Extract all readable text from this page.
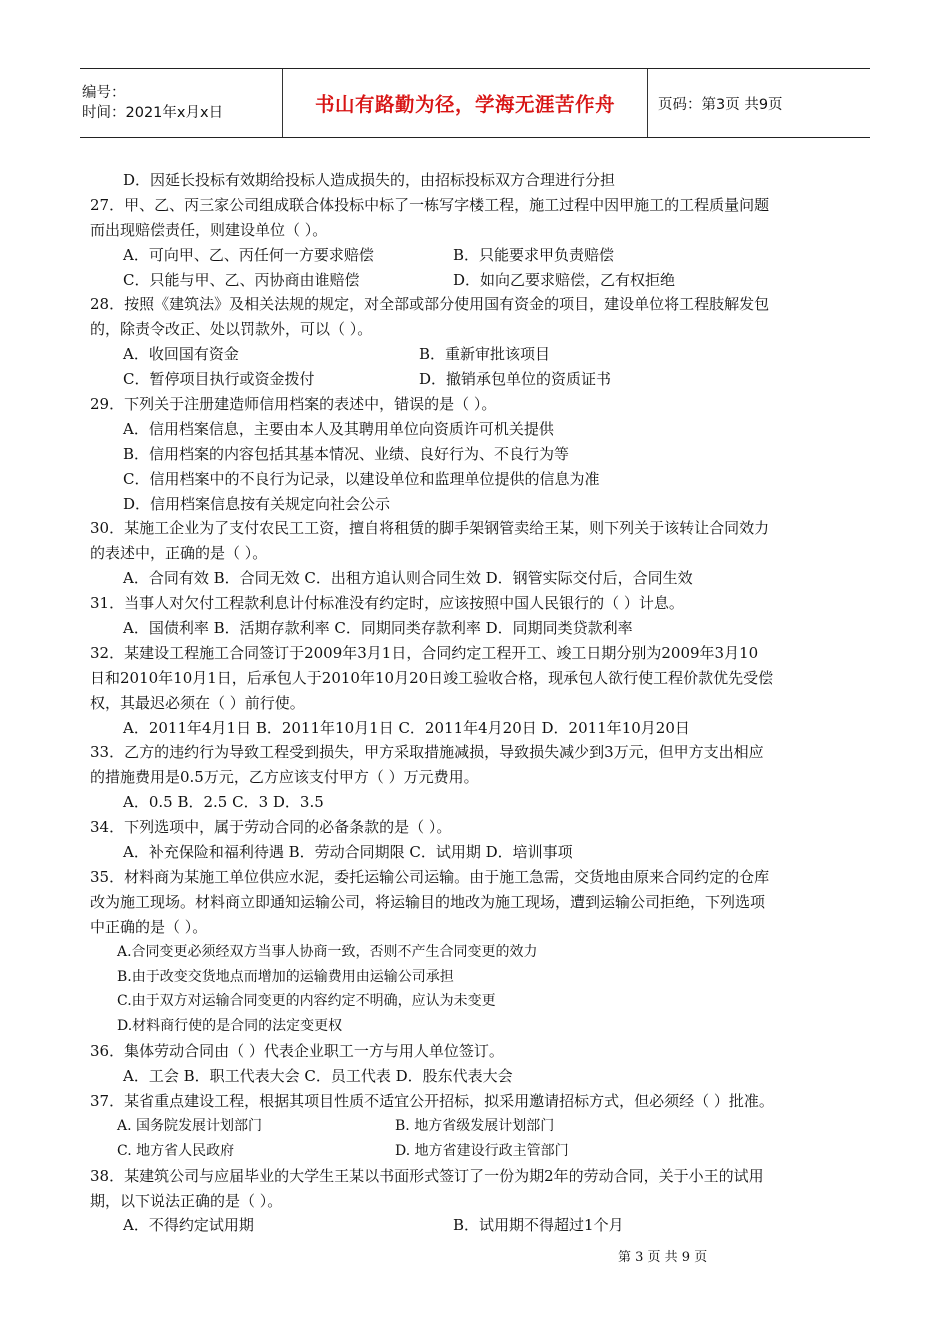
编号：
时间：2021年x月x日	书山有路勤为径，学海无涯苦作舟	页码：第3页 共9页
D．因延长投标有效期给投标人造成损失的，由招标投标双方合理进行分担
27．甲、乙、丙三家公司组成联合体投标中标了一栋写字楼工程，施工过程中因甲施工的工程质量问题
而出现赔偿责任，则建设单位（ ）。
A．可向甲、乙、丙任何一方要求赔偿	B．只能要求甲负责赔偿
C．只能与甲、乙、丙协商由谁赔偿	D．如向乙要求赔偿，乙有权拒绝
28．按照《建筑法》及相关法规的规定，对全部或部分使用国有资金的项目，建设单位将工程肢解发包
的，除责令改正、处以罚款外，可以（ ）。
A．收回国有资金	B．重新审批该项目
C．暂停项目执行或资金拨付	D．撤销承包单位的资质证书
29．下列关于注册建造师信用档案的表述中，错误的是（ ）。
A．信用档案信息，主要由本人及其聘用单位向资质许可机关提供
B．信用档案的内容包括其基本情况、业绩、良好行为、不良行为等
C．信用档案中的不良行为记录，以建设单位和监理单位提供的信息为准
D．信用档案信息按有关规定向社会公示
30．某施工企业为了支付农民工工资，擅自将租赁的脚手架钢管卖给王某，则下列关于该转让合同效力
的表述中，正确的是（ ）。
A．合同有效 B．合同无效 C．出租方追认则合同生效 D．钢管实际交付后，合同生效
31．当事人对欠付工程款利息计付标准没有约定时，应该按照中国人民银行的（ ）计息。
A．国债利率 B．活期存款利率 C．同期同类存款利率 D．同期同类贷款利率
32．某建设工程施工合同签订于2009年3月1日，合同约定工程开工、竣工日期分别为2009年3月10
日和2010年10月1日，后承包人于2010年10月20日竣工验收合格，现承包人欲行使工程价款优先受偿
权，其最迟必须在（ ）前行使。
A．2011年4月1日 B．2011年10月1日 C．2011年4月20日 D．2011年10月20日
33．乙方的违约行为导致工程受到损失，甲方采取措施减损，导致损失减少到3万元，但甲方支出相应
的措施费用是0.5万元，乙方应该支付甲方（ ）万元费用。
A．0.5 B．2.5 C．3 D．3.5
34．下列选项中，属于劳动合同的必备条款的是（ ）。
A．补充保险和福利待遇 B．劳动合同期限 C．试用期 D．培训事项
35．材料商为某施工单位供应水泥，委托运输公司运输。由于施工急需，交货地由原来合同约定的仓库
改为施工现场。材料商立即通知运输公司，将运输目的地改为施工现场，遭到运输公司拒绝，下列选项
中正确的是（ ）。
A.合同变更必须经双方当事人协商一致，否则不产生合同变更的效力
B.由于改变交货地点而增加的运输费用由运输公司承担
C.由于双方对运输合同变更的内容约定不明确，应认为未变更
D.材料商行使的是合同的法定变更权
36．集体劳动合同由（ ）代表企业职工一方与用人单位签订。
A．工会 B．职工代表大会 C．员工代表 D．股东代表大会
37．某省重点建设工程，根据其项目性质不适宜公开招标，拟采用邀请招标方式，但必须经（ ）批准。
A. 国务院发展计划部门	B. 地方省级发展计划部门
C. 地方省人民政府	D. 地方省建设行政主管部门
38．某建筑公司与应届毕业的大学生王某以书面形式签订了一份为期2年的劳动合同，关于小王的试用
期，以下说法正确的是（ ）。
A．不得约定试用期	B．试用期不得超过1个月
第 3 页 共 9 页
